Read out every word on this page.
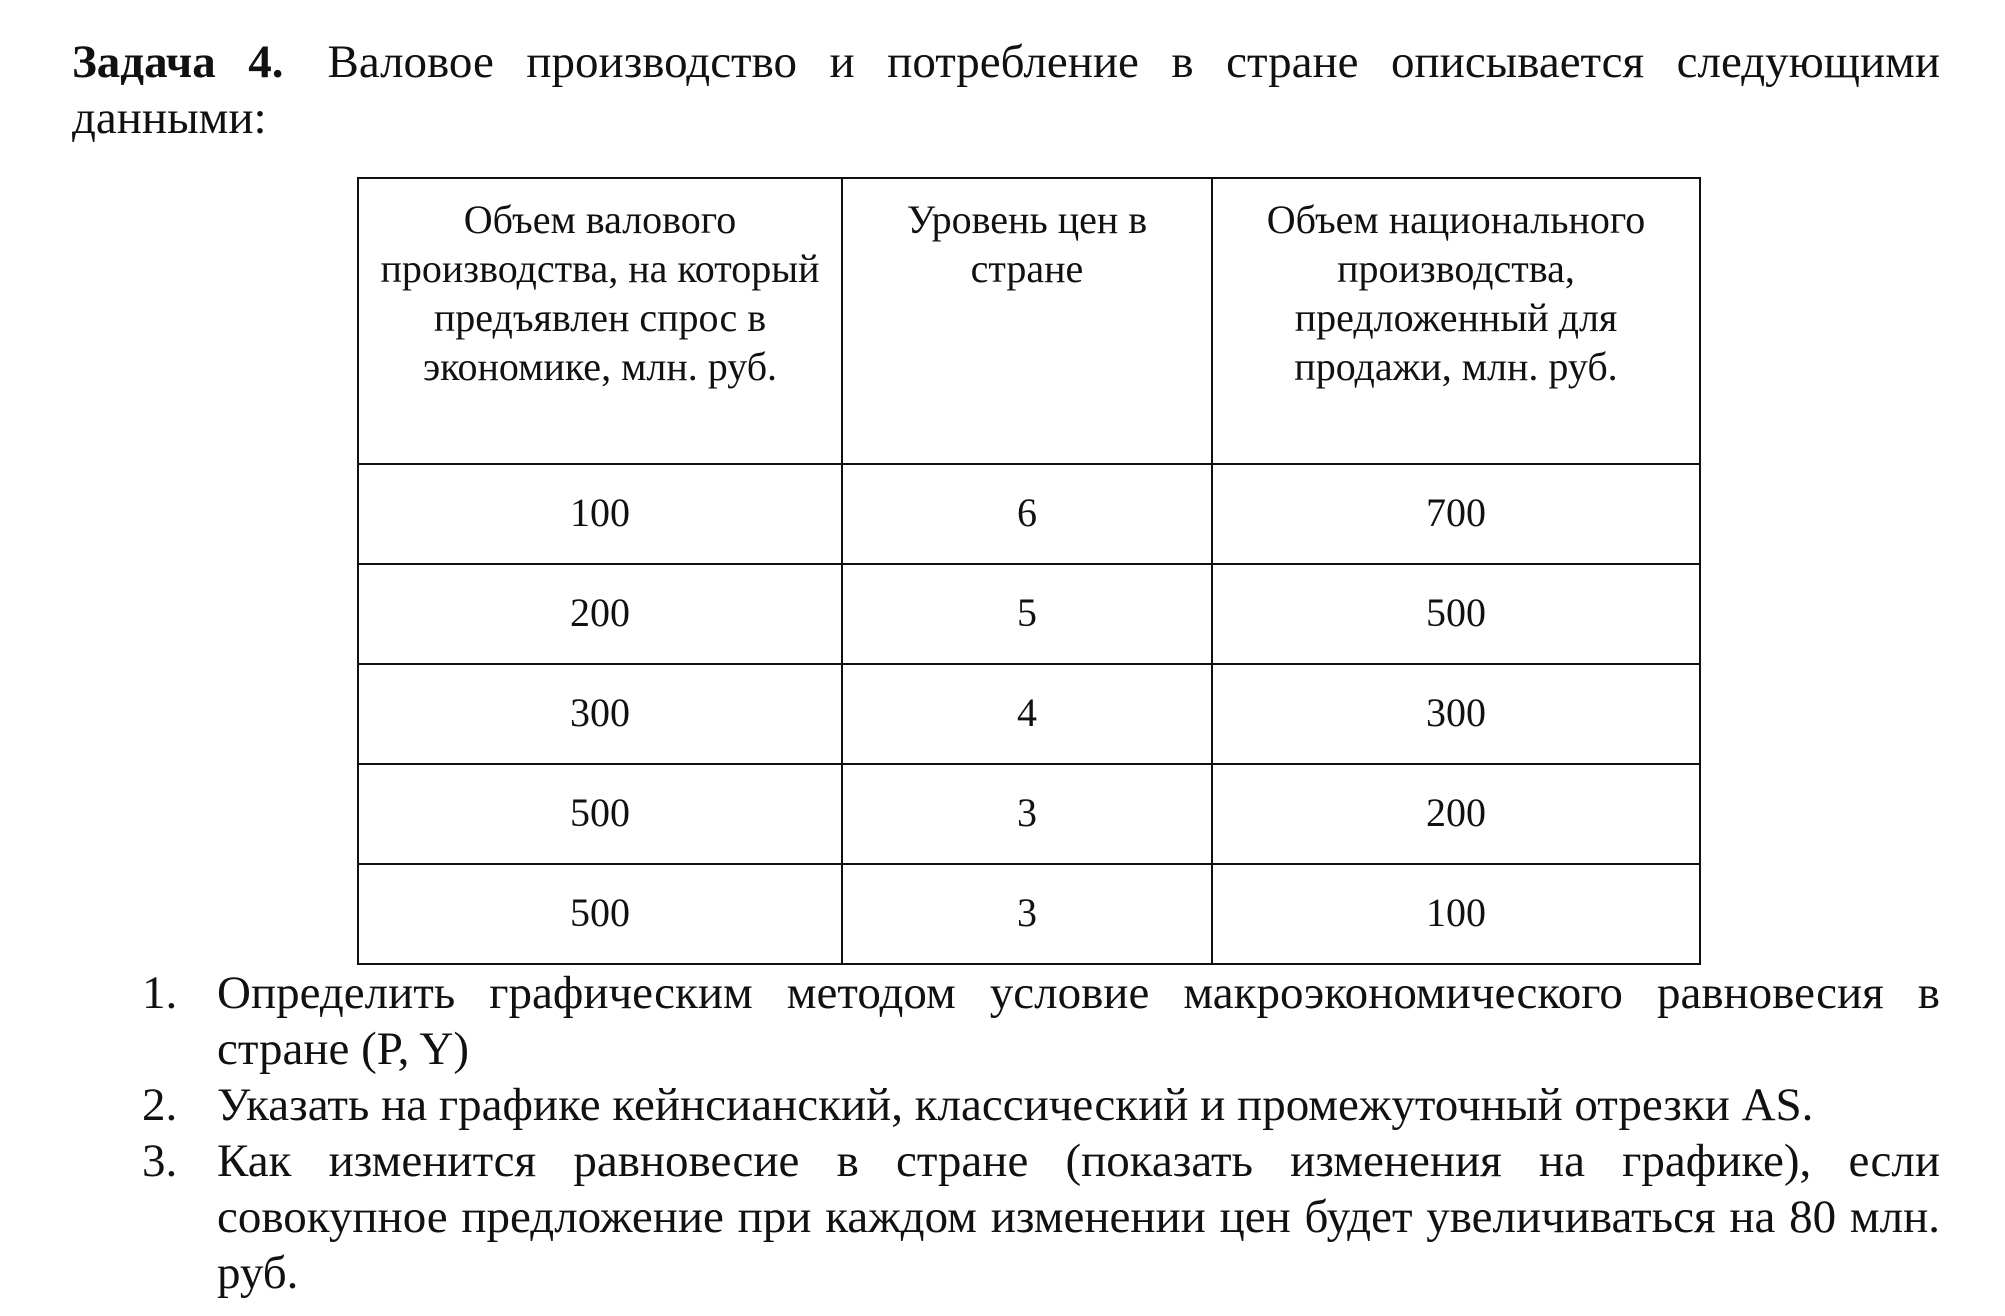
Задача 4. Валовое производство и потребление в стране описывается следующими данными:

Объем валового производства, на который предъявлен спрос в экономике, млн. руб.	Уровень цен в стране	Объем национального производства, предложенный для продажи, млн. руб.
100	6	700
200	5	500
300	4	300
500	3	200
500	3	100
1. Определить графическим методом условие макроэкономического равновесия в стране (P, Y)
2. Указать на графике кейнсианский, классический и промежуточный отрезки AS.
3. Как изменится равновесие в стране (показать изменения на графике), если совокупное предложение при каждом изменении цен будет увеличиваться на 80 млн. руб.
